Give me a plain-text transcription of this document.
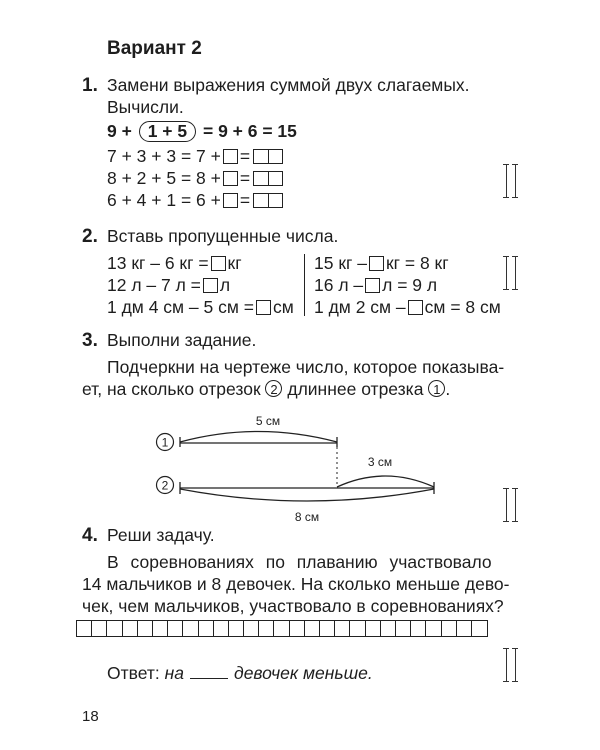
Вариант 2
1. Замени выражения суммой двух слагаемых.
Вычисли.
9 + 1 + 5 = 9 + 6 = 15
7 + 3 + 3 = 7 + =
8 + 2 + 5 = 8 + =
6 + 4 + 1 = 6 + =
2. Вставь пропущенные числа.
13 кг – 6 кг = кг
12 л – 7 л = л
1 дм 4 см – 5 см = см
15 кг – кг = 8 кг
16 л – л = 9 л
1 дм 2 см – см = 8 см
3. Выполни задание.
Подчеркни на чертеже число, которое показыва-
ет, на сколько отрезок 2 длиннее отрезка 1 .
1
2
5 см
3 см
8 см
4. Реши задачу.
В соревнованиях по плаванию участвовало
14 мальчиков и 8 девочек. На сколько меньше дево-
чек, чем мальчиков, участвовало в соревнованиях?
Ответ: на	девочек меньше.
18
